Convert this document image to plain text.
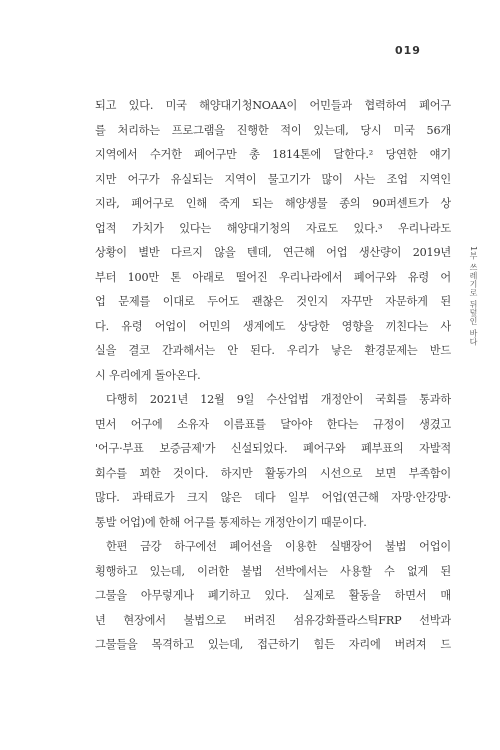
019
1부 쓰레기로 뒤덮인 바다
되고 있다. 미국 해양대기청NOAA이 어민들과 협력하여 폐어구
를 처리하는 프로그램을 진행한 적이 있는데, 당시 미국 56개
지역에서 수거한 폐어구만 총 1814톤에 달한다.² 당연한 얘기
지만 어구가 유실되는 지역이 물고기가 많이 사는 조업 지역인
지라, 폐어구로 인해 죽게 되는 해양생물 종의 90퍼센트가 상
업적 가치가 있다는 해양대기청의 자료도 있다.³ 우리나라도
상황이 별반 다르지 않을 텐데, 연근해 어업 생산량이 2019년
부터 100만 톤 아래로 떨어진 우리나라에서 폐어구와 유령 어
업 문제를 이대로 두어도 괜찮은 것인지 자꾸만 자문하게 된
다. 유령 어업이 어민의 생계에도 상당한 영향을 끼친다는 사
실을 결코 간과해서는 안 된다. 우리가 낳은 환경문제는 반드
시 우리에게 돌아온다.
다행히 2021년 12월 9일 수산업법 개정안이 국회를 통과하
면서 어구에 소유자 이름표를 달아야 한다는 규정이 생겼고
'어구·부표 보증금제'가 신설되었다. 폐어구와 폐부표의 자발적
회수를 꾀한 것이다. 하지만 활동가의 시선으로 보면 부족함이
많다. 과태료가 크지 않은 데다 일부 어업(연근해 자망·안강망·
통발 어업)에 한해 어구를 통제하는 개정안이기 때문이다.
한편 금강 하구에선 폐어선을 이용한 실뱀장어 불법 어업이
횡행하고 있는데, 이러한 불법 선박에서는 사용할 수 없게 된
그물을 아무렇게나 폐기하고 있다. 실제로 활동을 하면서 매
년 현장에서 불법으로 버려진 섬유강화플라스틱FRP 선박과
그물들을 목격하고 있는데, 접근하기 힘든 자리에 버려져 드
